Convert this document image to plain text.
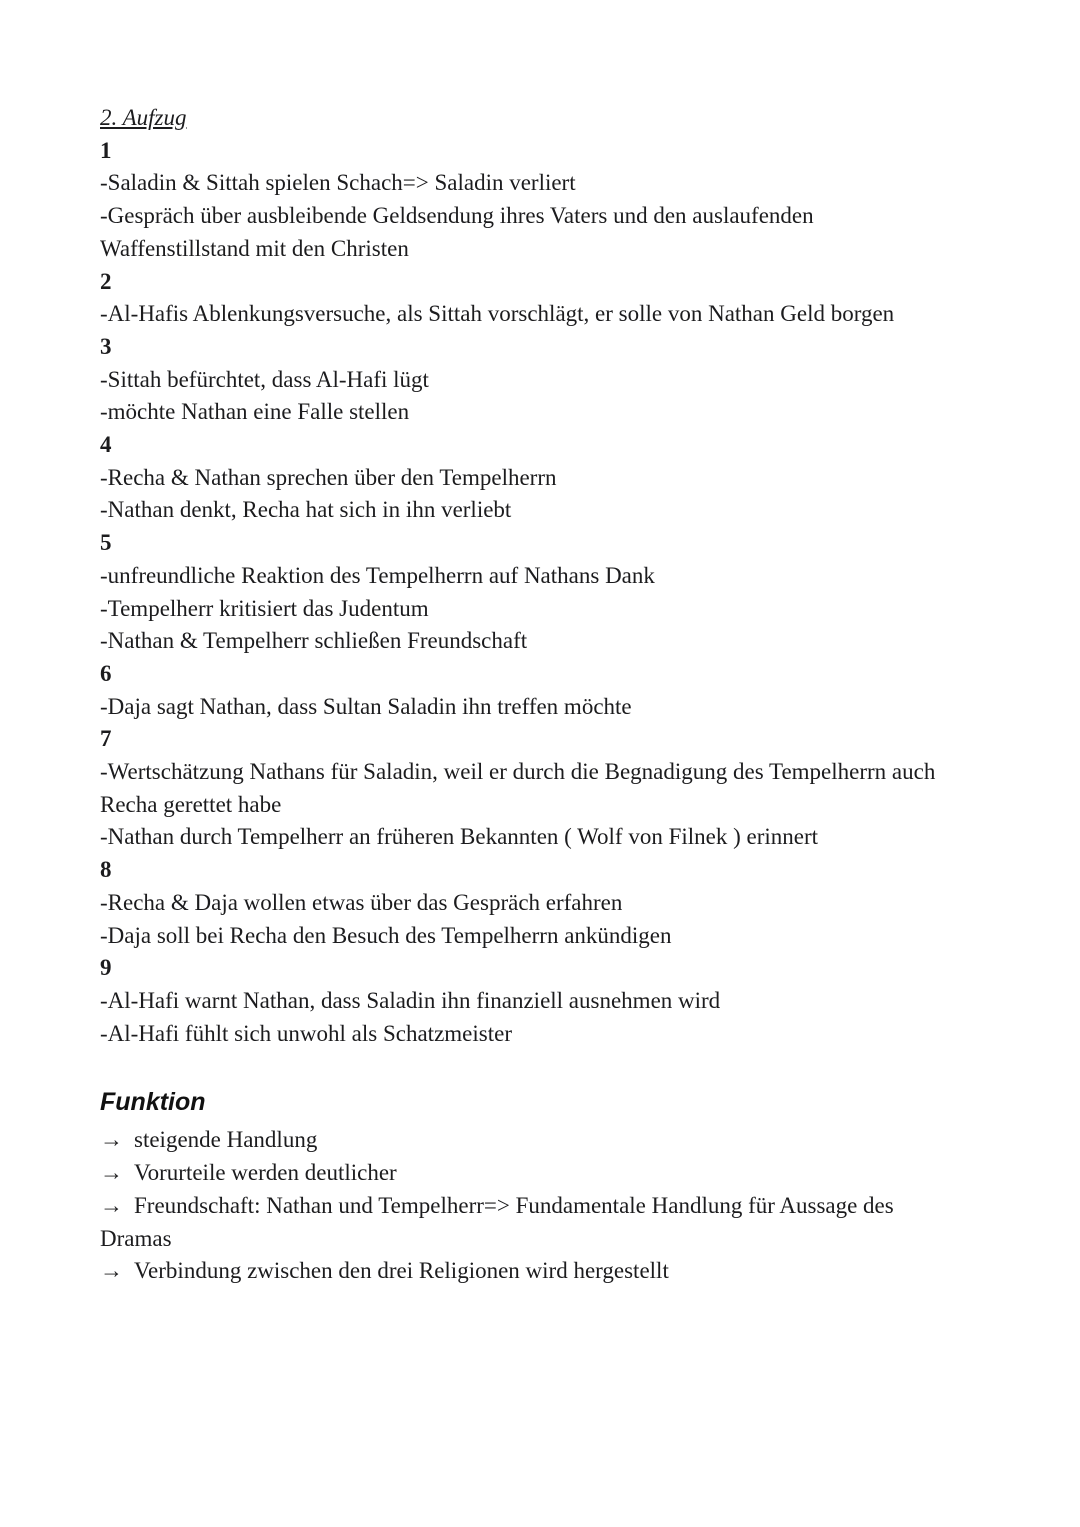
2. Aufzug

1

-Saladin & Sittah spielen Schach=> Saladin verliert

-Gespräch über ausbleibende Geldsendung ihres Vaters und den auslaufenden Waffenstillstand mit den Christen

2

-Al-Hafis Ablenkungsversuche, als Sittah vorschlägt, er solle von Nathan Geld borgen

3

-Sittah befürchtet, dass Al-Hafi lügt

-möchte Nathan eine Falle stellen

4

-Recha & Nathan sprechen über den Tempelherrn

-Nathan denkt, Recha hat sich in ihn verliebt

5

-unfreundliche Reaktion des Tempelherrn auf Nathans Dank

-Tempelherr kritisiert das Judentum

-Nathan & Tempelherr schließen Freundschaft

6

-Daja sagt Nathan, dass Sultan Saladin ihn treffen möchte

7

-Wertschätzung Nathans für Saladin, weil er durch die Begnadigung des Tempelherrn auch Recha gerettet habe

-Nathan durch Tempelherr an früheren Bekannten ( Wolf von Filnek ) erinnert

8

-Recha & Daja wollen etwas über das Gespräch erfahren

-Daja soll bei Recha den Besuch des Tempelherrn ankündigen

9

-Al-Hafi warnt Nathan, dass Saladin ihn finanziell ausnehmen wird

-Al-Hafi fühlt sich unwohl als Schatzmeister

Funktion

→ steigende Handlung

→ Vorurteile werden deutlicher

→ Freundschaft: Nathan und Tempelherr=> Fundamentale Handlung für Aussage des Dramas

→ Verbindung zwischen den drei Religionen wird hergestellt
